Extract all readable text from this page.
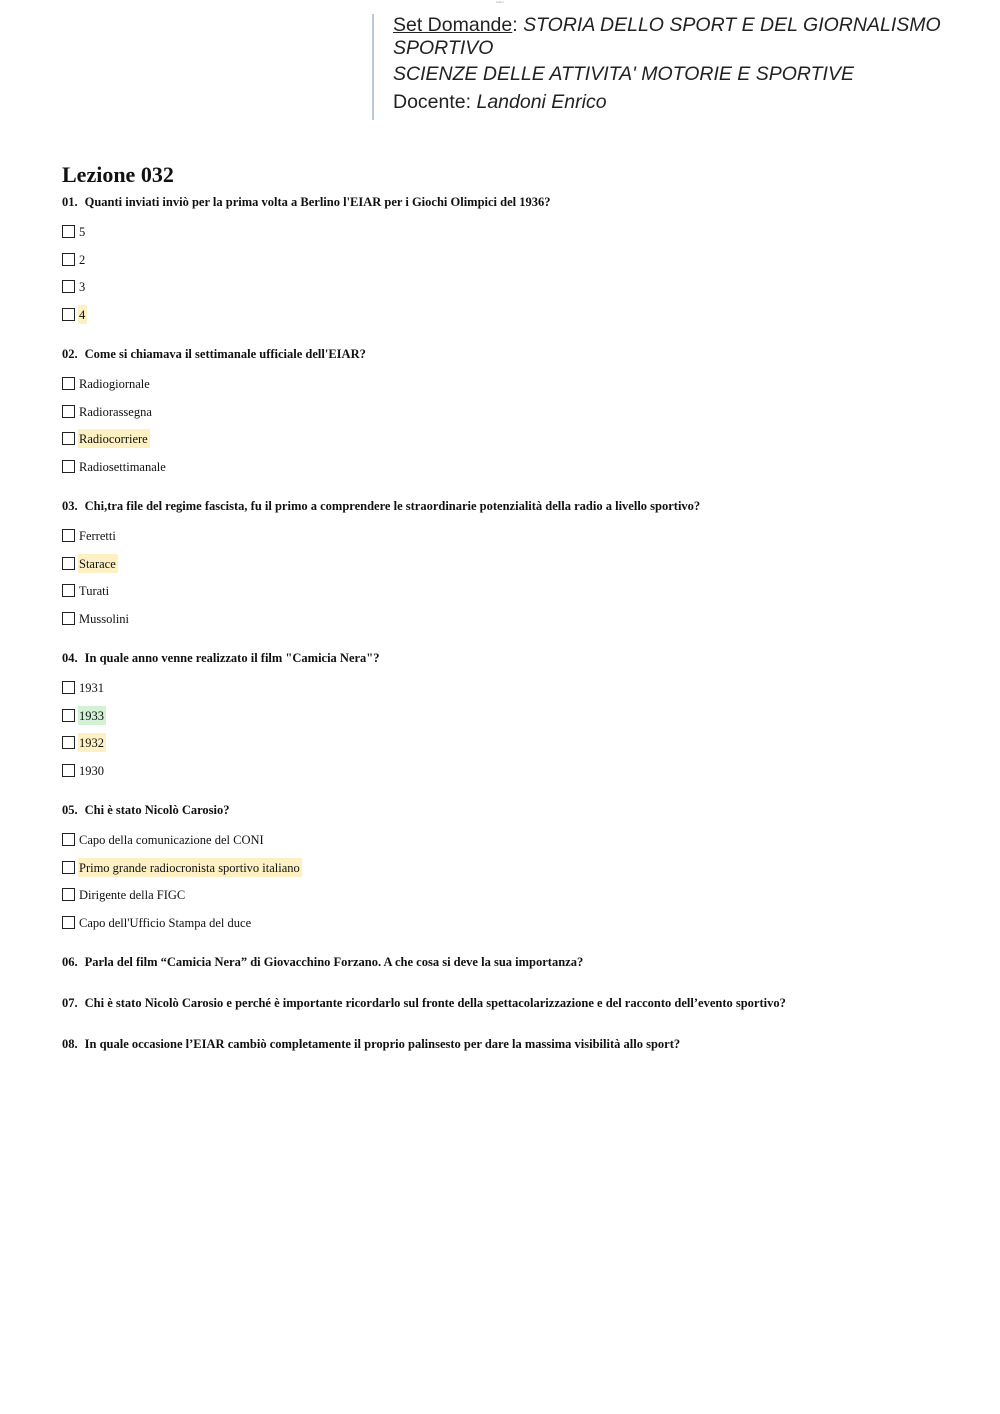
Indice
Set Domande: STORIA DELLO SPORT E DEL GIORNALISMO
SPORTIVO
SCIENZE DELLE ATTIVITA' MOTORIE E SPORTIVE
Docente: Landoni Enrico
Lezione 032

01. Quanti inviati inviò per la prima volta a Berlino l'EIAR per i Giochi Olimpici del 1936?

5
2
3
4

02. Come si chiamava il settimanale ufficiale dell'EIAR?

Radiogiornale
Radiorassegna
Radiocorriere
Radiosettimanale

03. Chi,tra file del regime fascista, fu il primo a comprendere le straordinarie potenzialità della radio a livello sportivo?

Ferretti
Starace
Turati
Mussolini

04. In quale anno venne realizzato il film "Camicia Nera"?

1931
1933
1932
1930

05. Chi è stato Nicolò Carosio?

Capo della comunicazione del CONI
Primo grande radiocronista sportivo italiano
Dirigente della FIGC
Capo dell'Ufficio Stampa del duce

06. Parla del film “Camicia Nera” di Giovacchino Forzano. A che cosa si deve la sua importanza?

07. Chi è stato Nicolò Carosio e perché è importante ricordarlo sul fronte della spettacolarizzazione e del racconto dell’evento sportivo?

08. In quale occasione l’EIAR cambiò completamente il proprio palinsesto per dare la massima visibilità allo sport?
